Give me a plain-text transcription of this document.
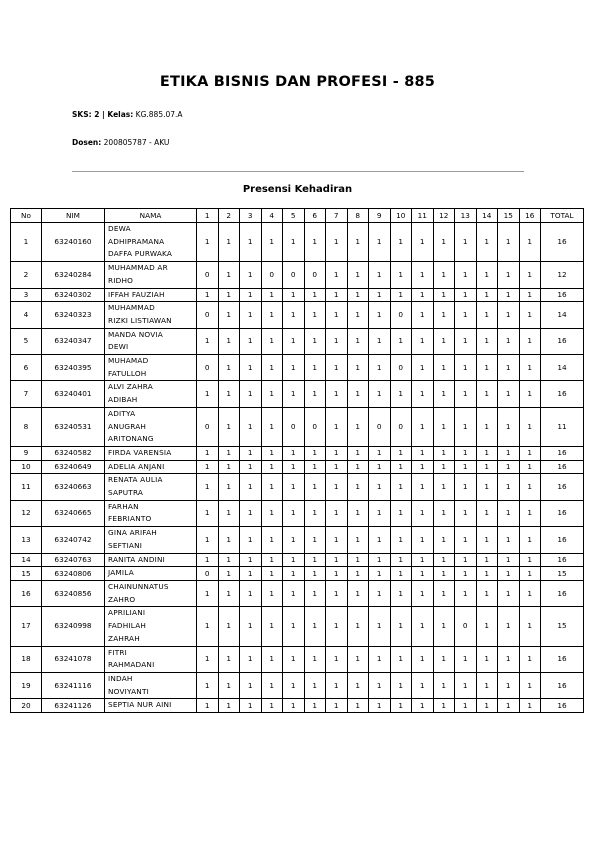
ETIKA BISNIS DAN PROFESI - 885
SKS: 2 | Kelas: KG.885.07.A
Dosen: 200805787 - AKU
Presensi Kehadiran
No	NIM	NAMA	1	2	3	4	5	6	7	8	9	10	11	12	13	14	15	16	TOTAL
1	63240160	DEWA
ADHIPRAMANA
DAFFA PURWAKA	1	1	1	1	1	1	1	1	1	1	1	1	1	1	1	1	16
2	63240284	MUHAMMAD AR
RIDHO	0	1	1	0	0	0	1	1	1	1	1	1	1	1	1	1	12
3	63240302	IFFAH FAUZIAH	1	1	1	1	1	1	1	1	1	1	1	1	1	1	1	1	16
4	63240323	MUHAMMAD
RIZKI LISTIAWAN	0	1	1	1	1	1	1	1	1	0	1	1	1	1	1	1	14
5	63240347	MANDA NOVIA
DEWI	1	1	1	1	1	1	1	1	1	1	1	1	1	1	1	1	16
6	63240395	MUHAMAD
FATULLOH	0	1	1	1	1	1	1	1	1	0	1	1	1	1	1	1	14
7	63240401	ALVI ZAHRA
ADIBAH	1	1	1	1	1	1	1	1	1	1	1	1	1	1	1	1	16
8	63240531	ADITYA
ANUGRAH
ARITONANG	0	1	1	1	0	0	1	1	0	0	1	1	1	1	1	1	11
9	63240582	FIRDA VARENSIA	1	1	1	1	1	1	1	1	1	1	1	1	1	1	1	1	16
10	63240649	ADELIA ANJANI	1	1	1	1	1	1	1	1	1	1	1	1	1	1	1	1	16
11	63240663	RENATA AULIA
SAPUTRA	1	1	1	1	1	1	1	1	1	1	1	1	1	1	1	1	16
12	63240665	FARHAN
FEBRIANTO	1	1	1	1	1	1	1	1	1	1	1	1	1	1	1	1	16
13	63240742	GINA ARIFAH
SEFTIANI	1	1	1	1	1	1	1	1	1	1	1	1	1	1	1	1	16
14	63240763	RANITA ANDINI	1	1	1	1	1	1	1	1	1	1	1	1	1	1	1	1	16
15	63240806	JAMILA	0	1	1	1	1	1	1	1	1	1	1	1	1	1	1	1	15
16	63240856	CHAINUNNATUS
ZAHRO	1	1	1	1	1	1	1	1	1	1	1	1	1	1	1	1	16
17	63240998	APRILIANI
FADHILAH
ZAHRAH	1	1	1	1	1	1	1	1	1	1	1	1	0	1	1	1	15
18	63241078	FITRI
RAHMADANI	1	1	1	1	1	1	1	1	1	1	1	1	1	1	1	1	16
19	63241116	INDAH
NOVIYANTI	1	1	1	1	1	1	1	1	1	1	1	1	1	1	1	1	16
20	63241126	SEPTIA NUR AINI	1	1	1	1	1	1	1	1	1	1	1	1	1	1	1	1	16
